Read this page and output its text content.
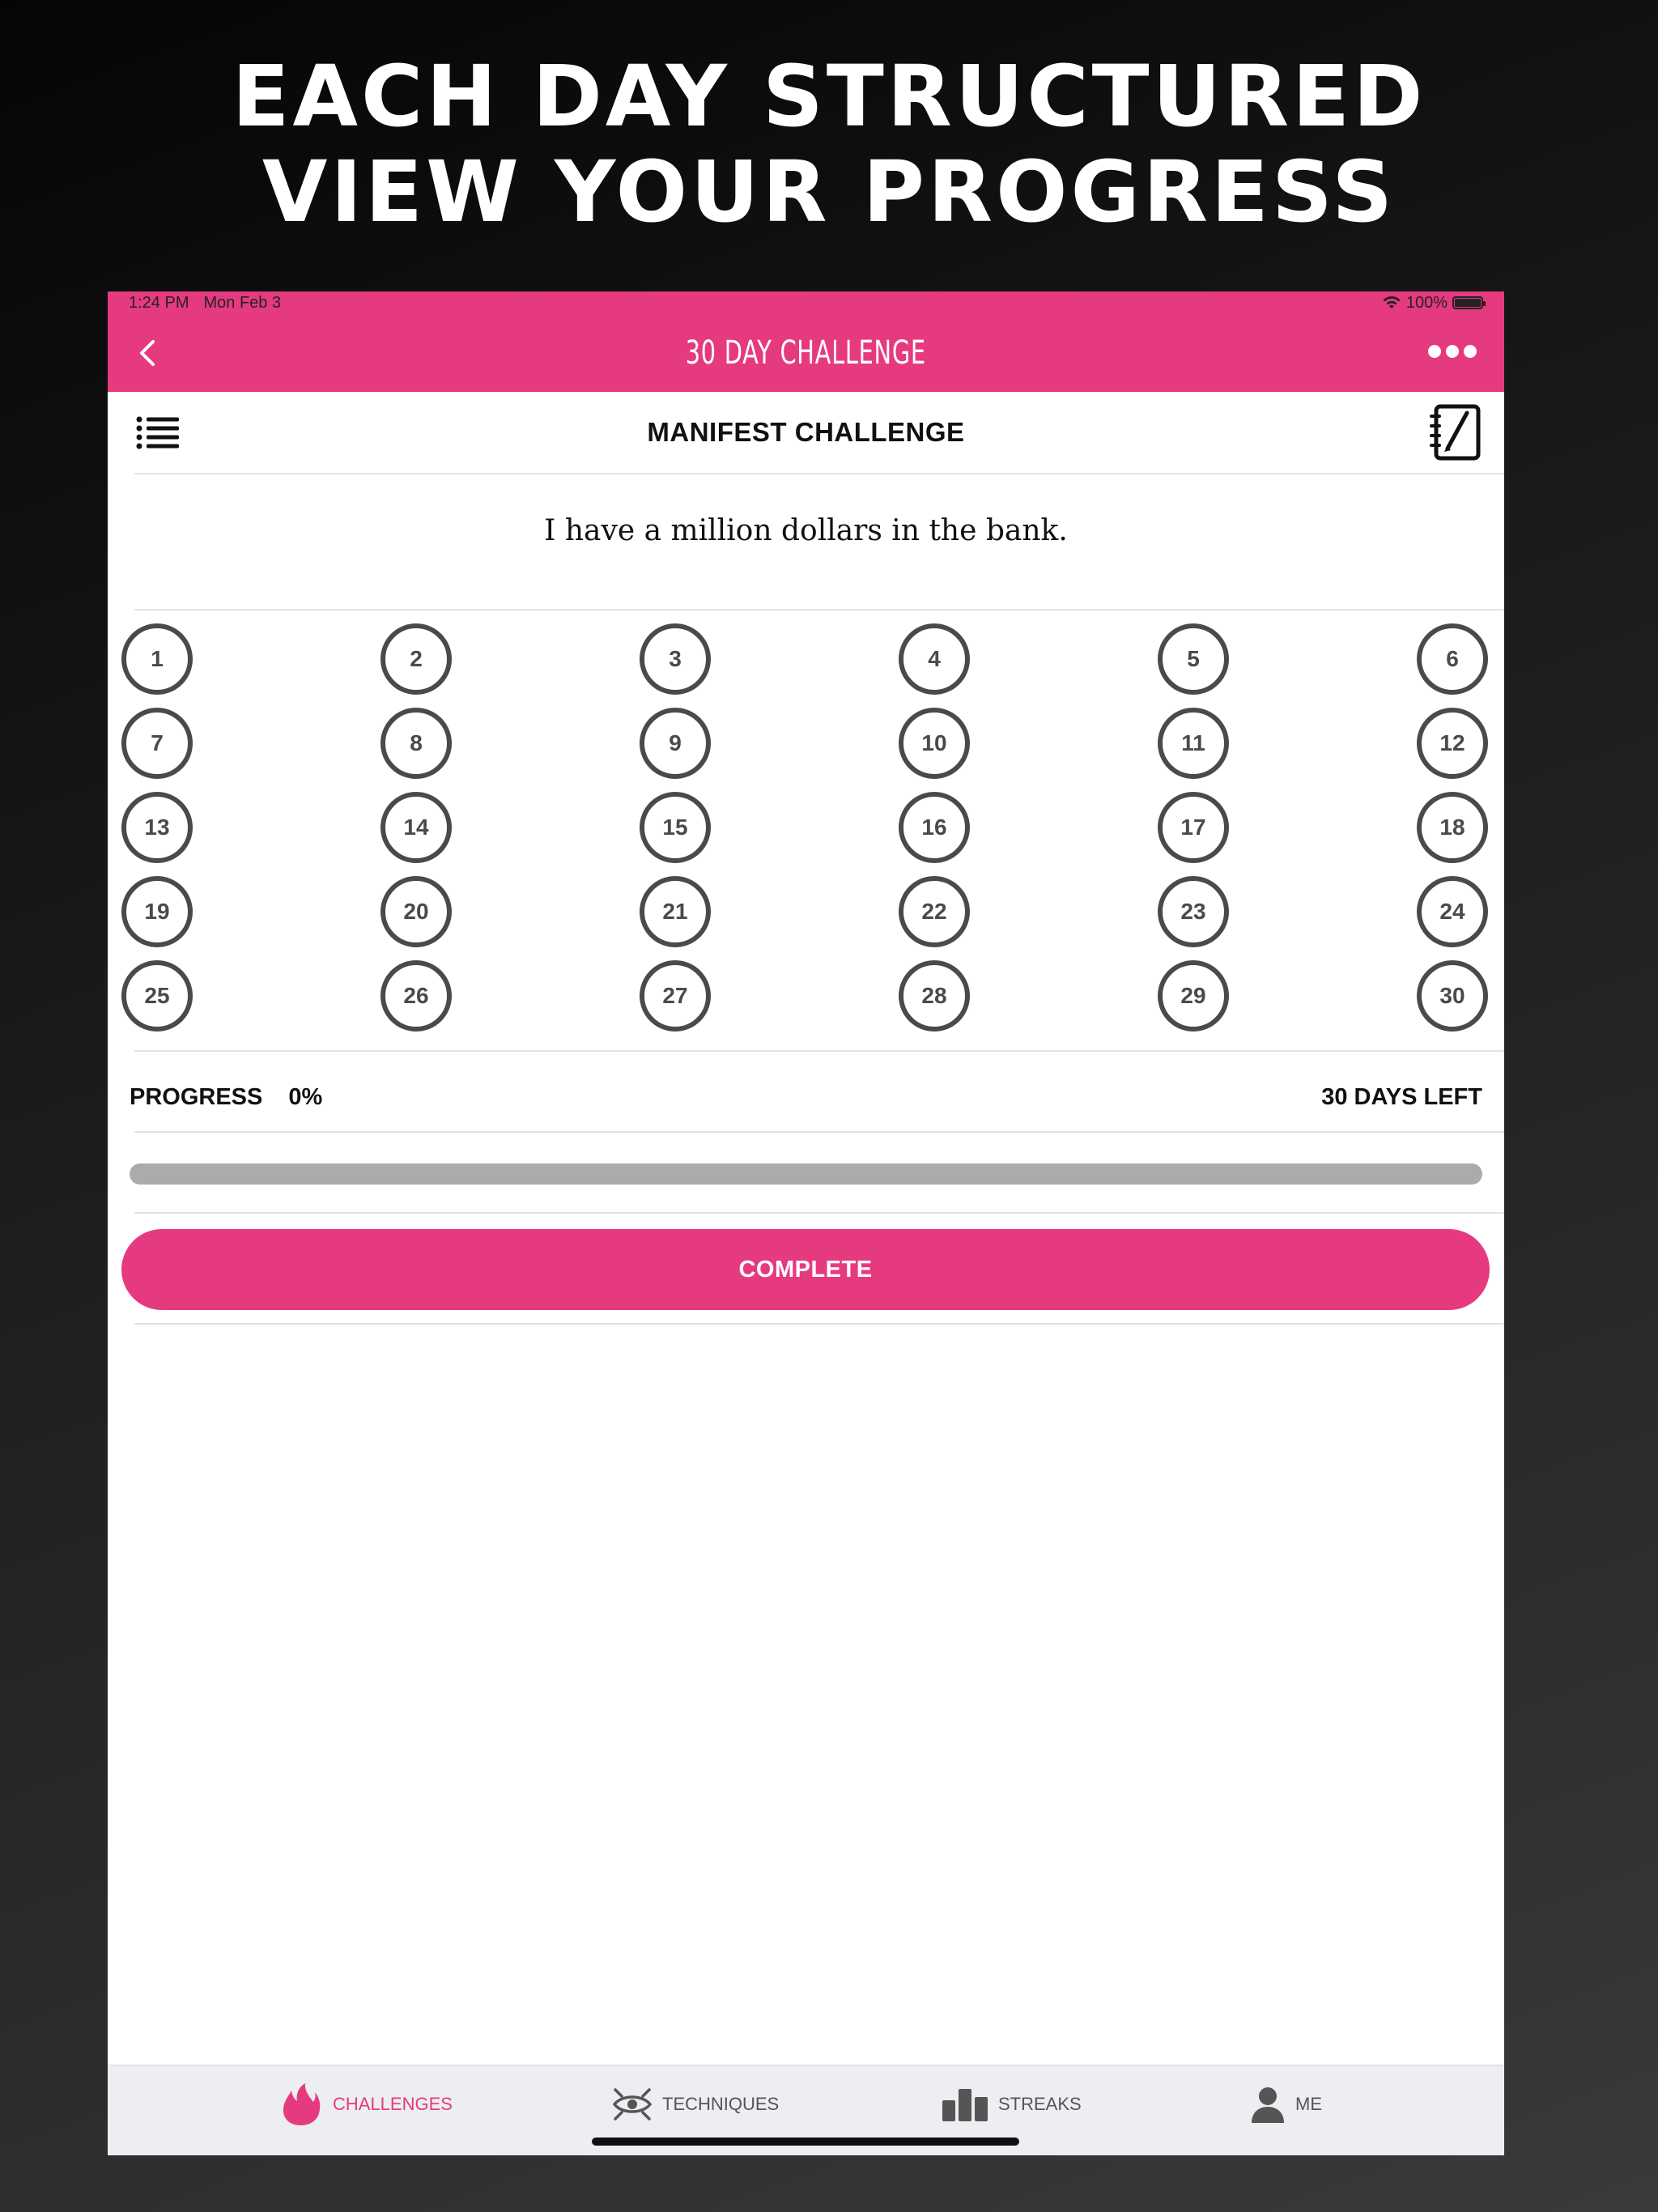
EACH DAY STRUCTURED
VIEW YOUR PROGRESS
1:24 PM Mon Feb 3	100%
30 DAY CHALLENGE
MANIFEST CHALLENGE
I have a million dollars in the bank.
1	2	3	4	5	6
7	8	9	10	11	12
13	14	15	16	17	18
19	20	21	22	23	24
25	26	27	28	29	30
PROGRESS 0%	30 DAYS LEFT
COMPLETE
CHALLENGES	TECHNIQUES	STREAKS	ME
